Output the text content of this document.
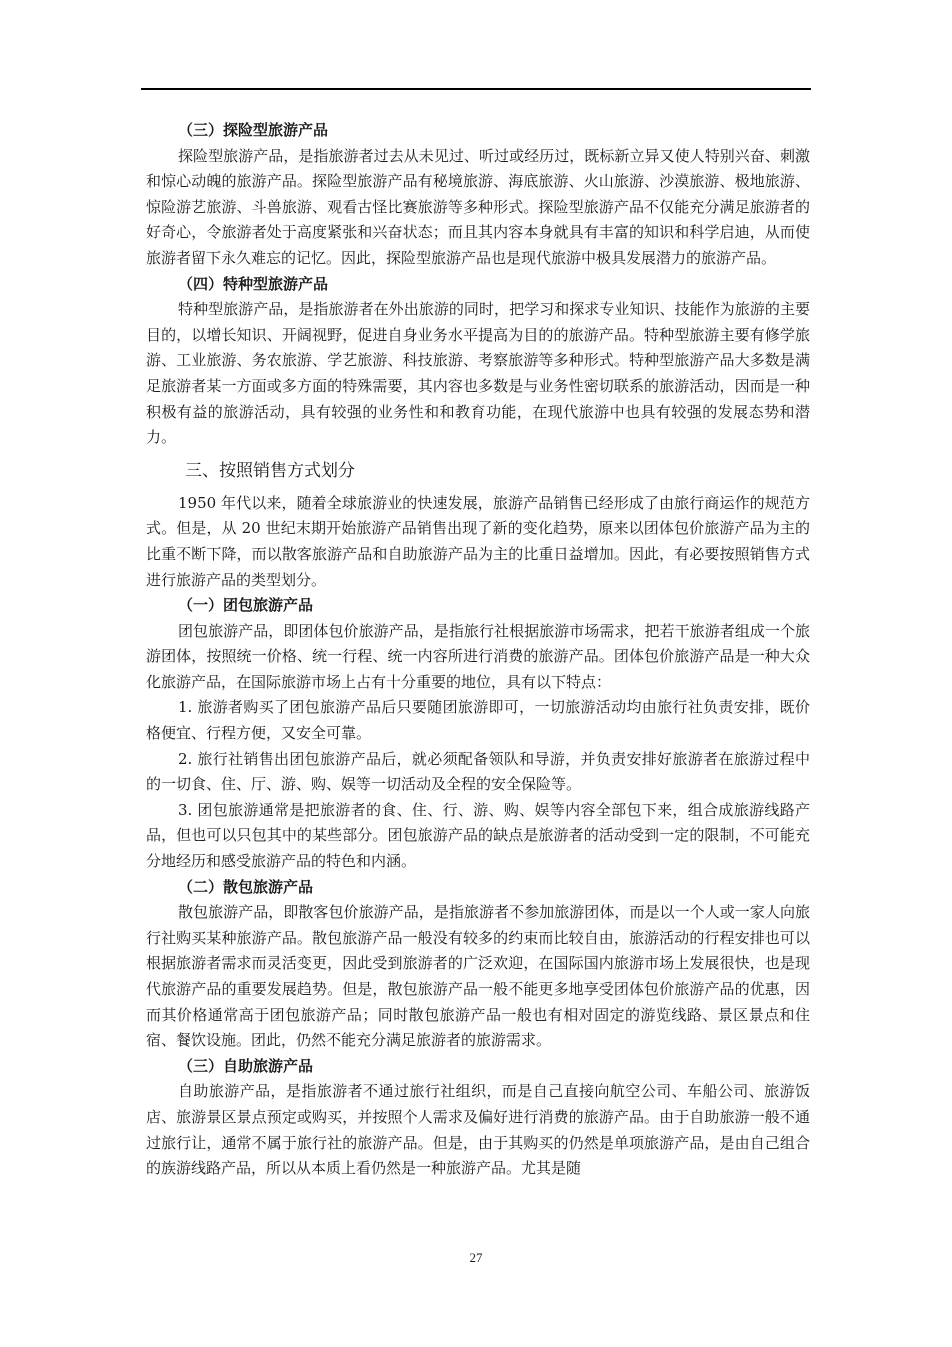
（三）探险型旅游产品

探险型旅游产品，是指旅游者过去从未见过、听过或经历过，既标新立异又使人特别兴奋、刺激和惊心动魄的旅游产品。探险型旅游产品有秘境旅游、海底旅游、火山旅游、沙漠旅游、极地旅游、惊险游艺旅游、斗兽旅游、观看古怪比赛旅游等多种形式。探险型旅游产品不仅能充分满足旅游者的好奇心，令旅游者处于高度紧张和兴奋状态；而且其内容本身就具有丰富的知识和科学启迪，从而使旅游者留下永久难忘的记忆。因此，探险型旅游产品也是现代旅游中极具发展潜力的旅游产品。

（四）特种型旅游产品

特种型旅游产品，是指旅游者在外出旅游的同时，把学习和探求专业知识、技能作为旅游的主要目的，以增长知识、开阔视野，促进自身业务水平提高为目的的旅游产品。特种型旅游主要有修学旅游、工业旅游、务农旅游、学艺旅游、科技旅游、考察旅游等多种形式。特种型旅游产品大多数是满足旅游者某一方面或多方面的特殊需要，其内容也多数是与业务性密切联系的旅游活动，因而是一种积极有益的旅游活动，具有较强的业务性和和教育功能，在现代旅游中也具有较强的发展态势和潜力。

三、按照销售方式划分

1950 年代以来，随着全球旅游业的快速发展，旅游产品销售已经形成了由旅行商运作的规范方式。但是，从 20 世纪末期开始旅游产品销售出现了新的变化趋势，原来以团体包价旅游产品为主的比重不断下降，而以散客旅游产品和自助旅游产品为主的比重日益增加。因此，有必要按照销售方式进行旅游产品的类型划分。

（一）团包旅游产品

团包旅游产品，即团体包价旅游产品，是指旅行社根据旅游市场需求，把若干旅游者组成一个旅游团体，按照统一价格、统一行程、统一内容所进行消费的旅游产品。团体包价旅游产品是一种大众化旅游产品，在国际旅游市场上占有十分重要的地位，具有以下特点：

1. 旅游者购买了团包旅游产品后只要随团旅游即可，一切旅游活动均由旅行社负责安排，既价格便宜、行程方便，又安全可靠。

2. 旅行社销售出团包旅游产品后，就必须配备领队和导游，并负责安排好旅游者在旅游过程中的一切食、住、厅、游、购、娱等一切活动及全程的安全保险等。

3. 团包旅游通常是把旅游者的食、住、行、游、购、娱等内容全部包下来，组合成旅游线路产品，但也可以只包其中的某些部分。团包旅游产品的缺点是旅游者的活动受到一定的限制，不可能充分地经历和感受旅游产品的特色和内涵。

（二）散包旅游产品

散包旅游产品，即散客包价旅游产品，是指旅游者不参加旅游团体，而是以一个人或一家人向旅行社购买某种旅游产品。散包旅游产品一般没有较多的约束而比较自由，旅游活动的行程安排也可以根据旅游者需求而灵活变更，因此受到旅游者的广泛欢迎，在国际国内旅游市场上发展很快，也是现代旅游产品的重要发展趋势。但是，散包旅游产品一般不能更多地享受团体包价旅游产品的优惠，因而其价格通常高于团包旅游产品；同时散包旅游产品一般也有相对固定的游览线路、景区景点和住宿、餐饮设施。团此，仍然不能充分满足旅游者的旅游需求。

（三）自助旅游产品

自助旅游产品，是指旅游者不通过旅行社组织，而是自己直接向航空公司、车船公司、旅游饭店、旅游景区景点预定或购买，并按照个人需求及偏好进行消费的旅游产品。由于自助旅游一般不通过旅行让，通常不属于旅行社的旅游产品。但是，由于其购买的仍然是单项旅游产品，是由自己组合的族游线路产品，所以从本质上看仍然是一种旅游产品。尤其是随

27
